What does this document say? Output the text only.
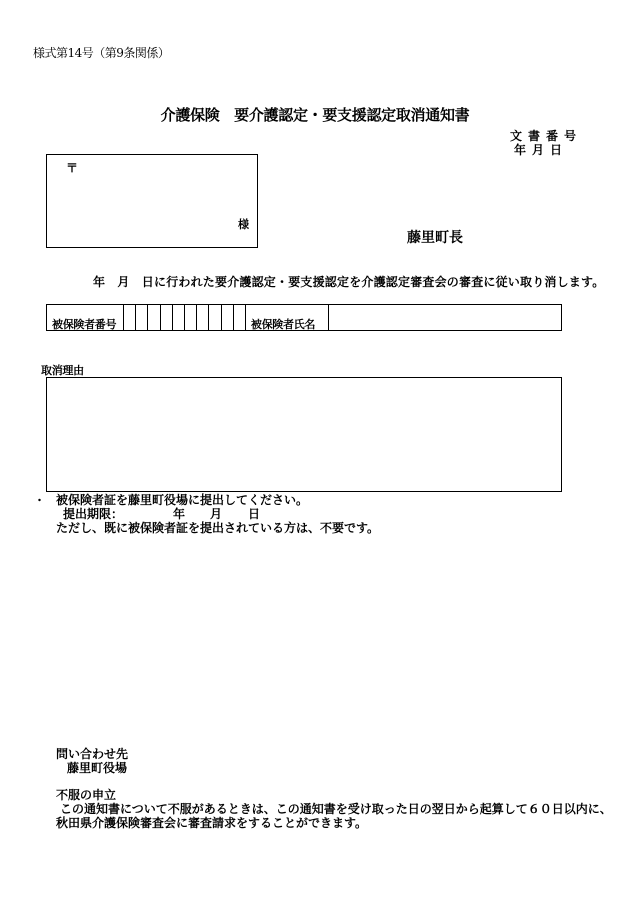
様式第14号（第9条関係）
介護保険　要介護認定・要支援認定取消通知書
文書番号
年月日
〒
様
藤里町長
年　月　日に行われた要介護認定・要支援認定を介護認定審査会の審査に従い取り消します。
被保険者番号	被保険者氏名
取消理由
・ 被保険者証を藤里町役場に提出してください。
提出期限：	年 月 日
ただし、既に被保険者証を提出されている方は、不要です。
問い合わせ先
藤里町役場
不服の申立
この通知書について不服があるときは、この通知書を受け取った日の翌日から起算して６０日以内に、
秋田県介護保険審査会に審査請求をすることができます。
